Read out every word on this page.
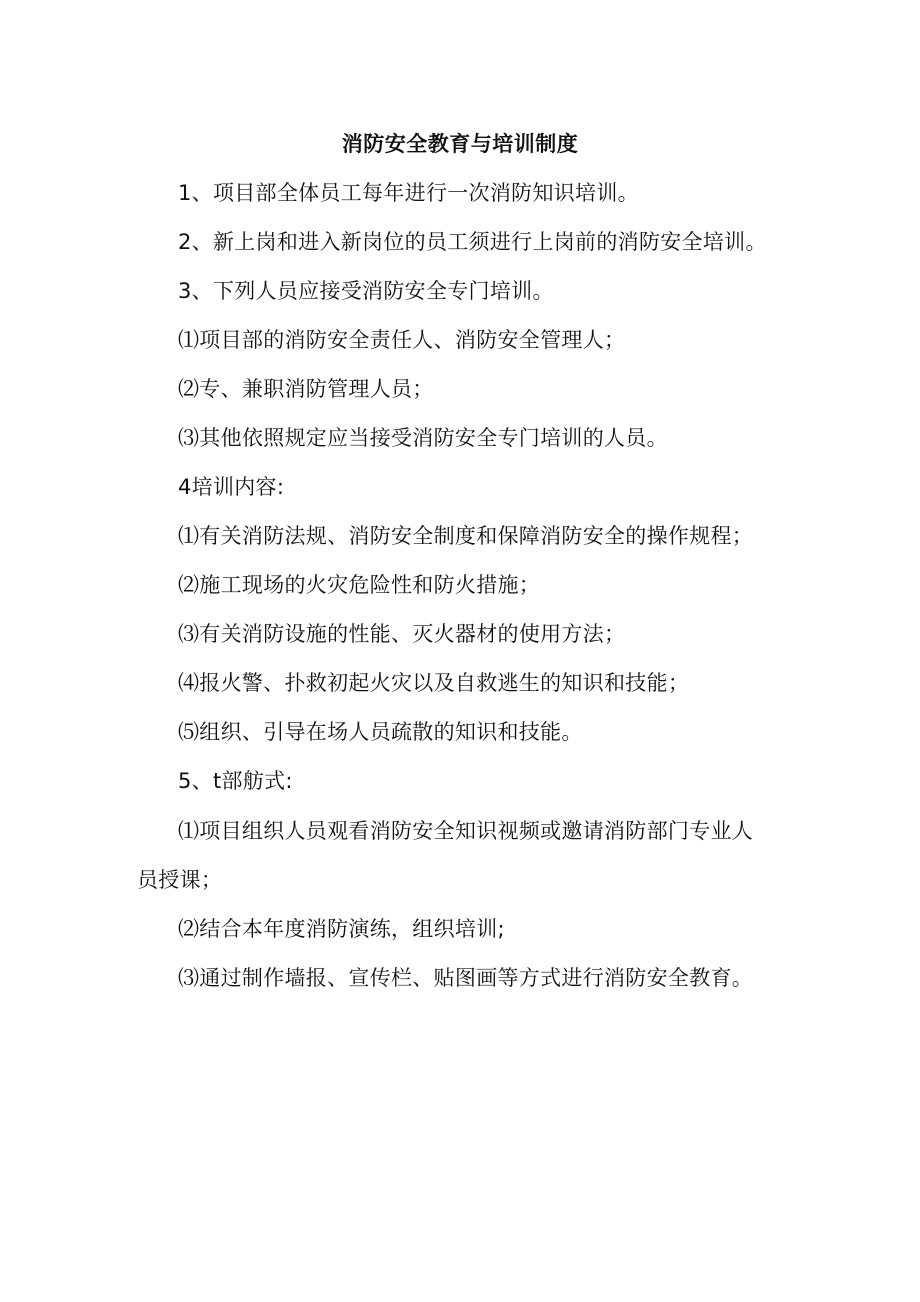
消防安全教育与培训制度
1、项目部全体员工每年进行一次消防知识培训。
2、新上岗和进入新岗位的员工须进行上岗前的消防安全培训。
3、下列人员应接受消防安全专门培训。
⑴项目部的消防安全责任人、消防安全管理人；
⑵专、兼职消防管理人员；
⑶其他依照规定应当接受消防安全专门培训的人员。
4培训内容:
⑴有关消防法规、消防安全制度和保障消防安全的操作规程；
⑵施工现场的火灾危险性和防火措施；
⑶有关消防设施的性能、灭火器材的使用方法；
⑷报火警、扑救初起火灾以及自救逃生的知识和技能；
⑸组织、引导在场人员疏散的知识和技能。
5、t部舫式:
⑴项目组织人员观看消防安全知识视频或邀请消防部门专业人
员授课；
⑵结合本年度消防演练，组织培训;
⑶通过制作墙报、宣传栏、贴图画等方式进行消防安全教育。
